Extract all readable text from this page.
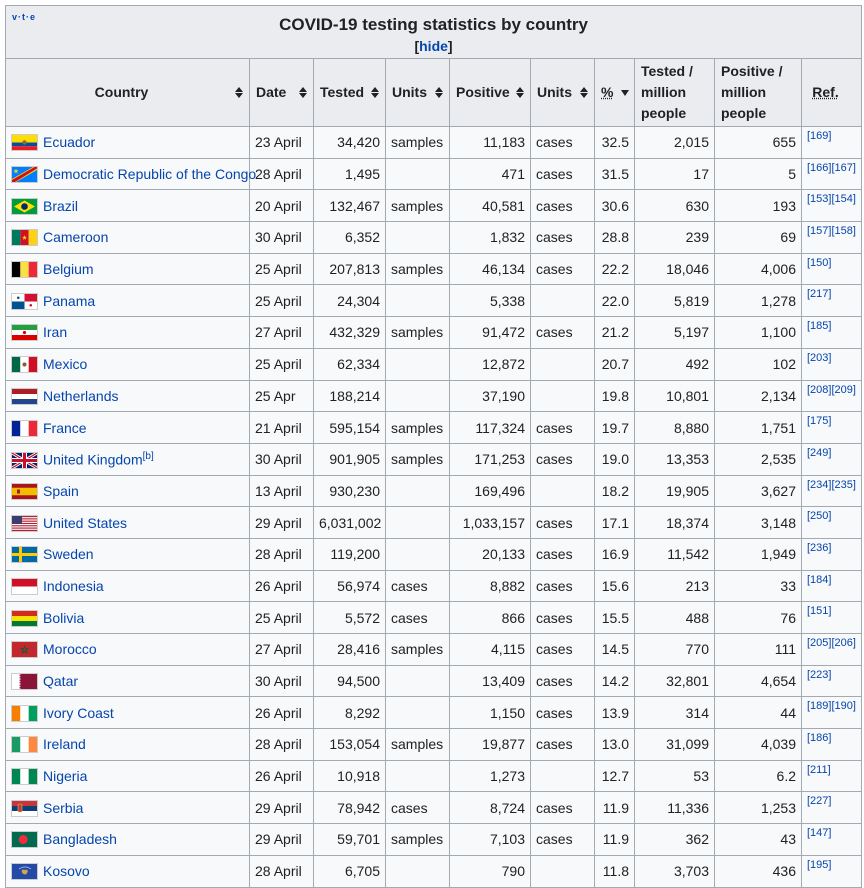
v·t·e COVID-19 testing statistics by country
[hide]									

Country	Date	Tested	Units	Positive	Units	%	Tested / million people	Positive / million people	Ref.

Ecuador	23 April	34,420	samples	11,183	cases	32.5	2,015	655	[169]
Democratic Republic of the Congo	28 April	1,495		471	cases	31.5	17	5	[166][167]
Brazil	20 April	132,467	samples	40,581	cases	30.6	630	193	[153][154]
Cameroon	30 April	6,352		1,832	cases	28.8	239	69	[157][158]
Belgium	25 April	207,813	samples	46,134	cases	22.2	18,046	4,006	[150]
Panama	25 April	24,304		5,338		22.0	5,819	1,278	[217]
Iran	27 April	432,329	samples	91,472	cases	21.2	5,197	1,100	[185]
Mexico	25 April	62,334		12,872		20.7	492	102	[203]
Netherlands	25 Apr	188,214		37,190		19.8	10,801	2,134	[208][209]
France	21 April	595,154	samples	117,324	cases	19.7	8,880	1,751	[175]
United Kingdom[b]	30 April	901,905	samples	171,253	cases	19.0	13,353	2,535	[249]
Spain	13 April	930,230		169,496		18.2	19,905	3,627	[234][235]
United States	29 April	6,031,002		1,033,157	cases	17.1	18,374	3,148	[250]
Sweden	28 April	119,200		20,133	cases	16.9	11,542	1,949	[236]
Indonesia	26 April	56,974	cases	8,882	cases	15.6	213	33	[184]
Bolivia	25 April	5,572	cases	866	cases	15.5	488	76	[151]
Morocco	27 April	28,416	samples	4,115	cases	14.5	770	111	[205][206]
Qatar	30 April	94,500		13,409	cases	14.2	32,801	4,654	[223]
Ivory Coast	26 April	8,292		1,150	cases	13.9	314	44	[189][190]
Ireland	28 April	153,054	samples	19,877	cases	13.0	31,099	4,039	[186]
Nigeria	26 April	10,918		1,273		12.7	53	6.2	[211]
Serbia	29 April	78,942	cases	8,724	cases	11.9	11,336	1,253	[227]
Bangladesh	29 April	59,701	samples	7,103	cases	11.9	362	43	[147]
Kosovo	28 April	6,705		790		11.8	3,703	436	[195]
